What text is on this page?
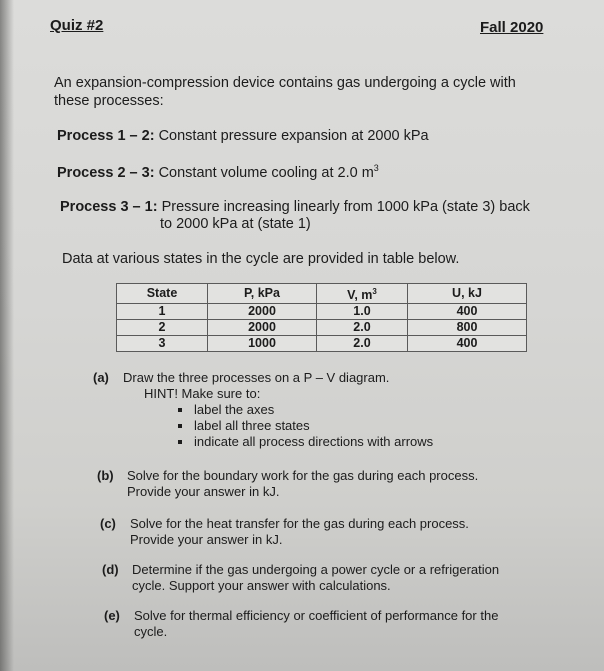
Quiz #2	Fall 2020
An expansion-compression device contains gas undergoing a cycle with
these processes:
Process 1 – 2: Constant pressure expansion at 2000 kPa
Process 2 – 3: Constant volume cooling at 2.0 $m^3$
Process 3 – 1: Pressure increasing linearly from 1000 kPa (state 3) back
to 2000 kPa at (state 1)
Data at various states in the cycle are provided in table below.
State	P, kPa	V, $m^3$	U, kJ
1	2000	1.0	400
2	2000	2.0	800
3	1000	2.0	400
(a) Draw the three processes on a P – V diagram.
HINT! Make sure to:
label the axes
label all three states
indicate all process directions with arrows
(b) Solve for the boundary work for the gas during each process.
Provide your answer in kJ.
(c) Solve for the heat transfer for the gas during each process.
Provide your answer in kJ.
(d) Determine if the gas undergoing a power cycle or a refrigeration
cycle. Support your answer with calculations.
(e) Solve for thermal efficiency or coefficient of performance for the
cycle.
